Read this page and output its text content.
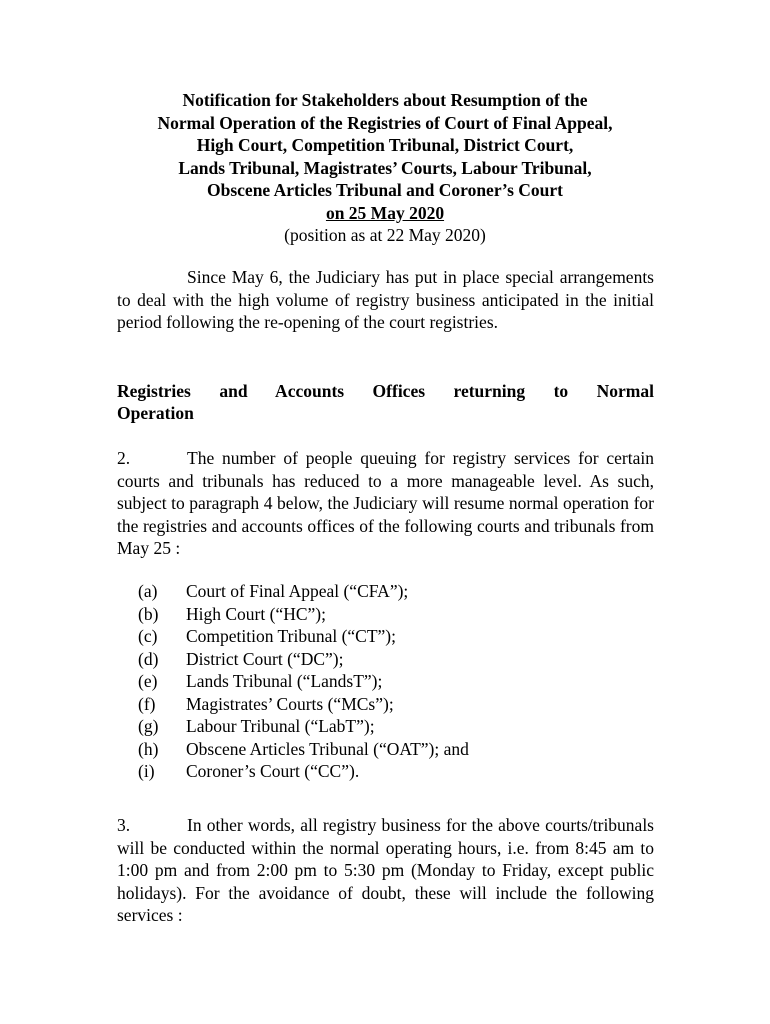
Notification for Stakeholders about Resumption of the
Normal Operation of the Registries of Court of Final Appeal,
High Court, Competition Tribunal, District Court,
Lands Tribunal, Magistrates’ Courts, Labour Tribunal,
Obscene Articles Tribunal and Coroner’s Court
on 25 May 2020
(position as at 22 May 2020)
Since May 6, the Judiciary has put in place special arrangements to deal with the high volume of registry business anticipated in the initial period following the re-opening of the court registries.
Registries and Accounts Offices returning to Normal
Operation
2.	The number of people queuing for registry services for certain courts and tribunals has reduced to a more manageable level. As such, subject to paragraph 4 below, the Judiciary will resume normal operation for the registries and accounts offices of the following courts and tribunals from May 25 :
(a)	Court of Final Appeal (“CFA”);
(b)	High Court (“HC”);
(c)	Competition Tribunal (“CT”);
(d)	District Court (“DC”);
(e)	Lands Tribunal (“LandsT”);
(f)	Magistrates’ Courts (“MCs”);
(g)	Labour Tribunal (“LabT”);
(h)	Obscene Articles Tribunal (“OAT”); and
(i)	Coroner’s Court (“CC”).
3.	In other words, all registry business for the above courts/tribunals will be conducted within the normal operating hours, i.e. from 8:45 am to 1:00 pm and from 2:00 pm to 5:30 pm (Monday to Friday, except public holidays). For the avoidance of doubt, these will include the following services :
